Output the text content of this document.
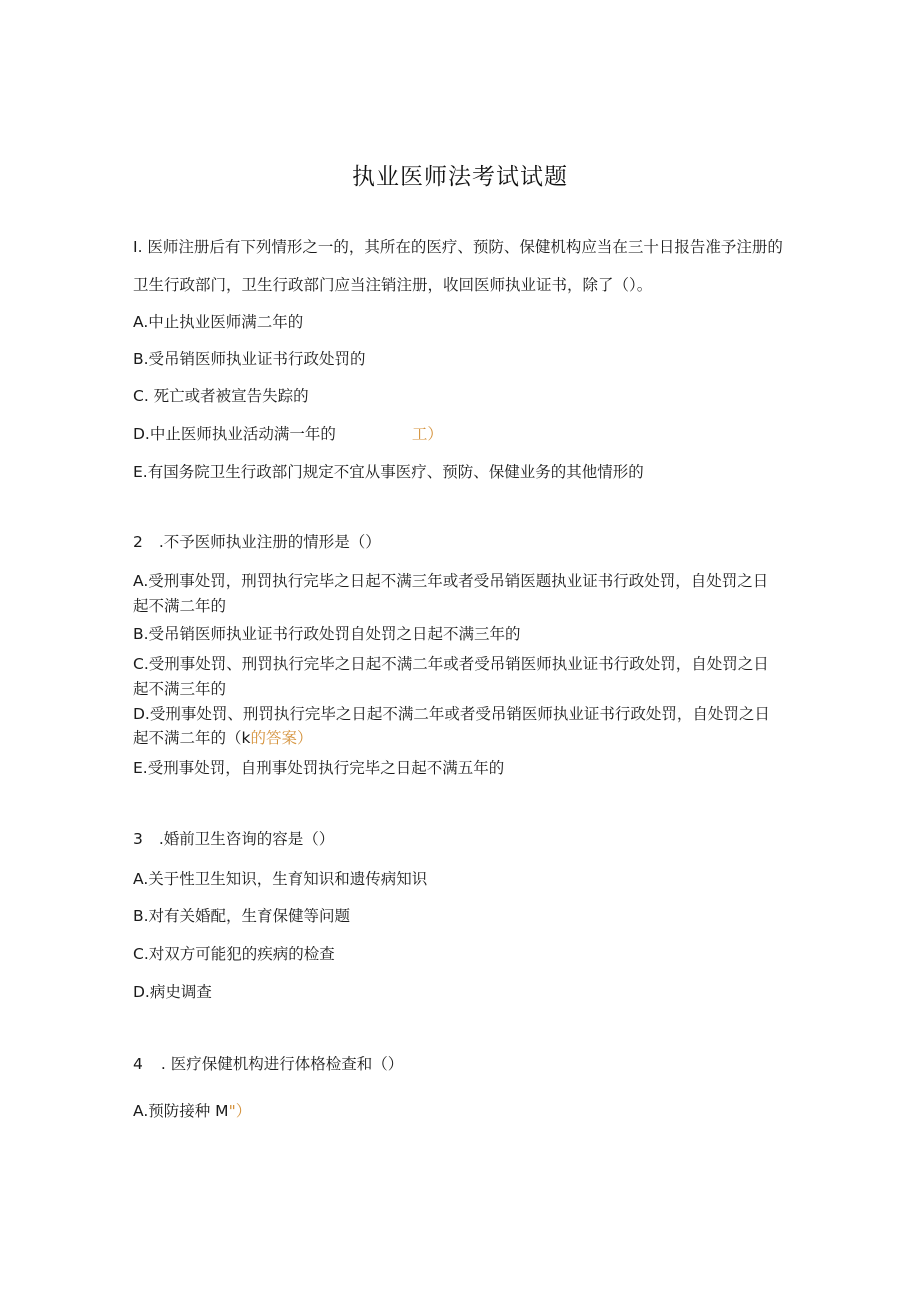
执业医师法考试试题
I. 医师注册后有下列情形之一的，其所在的医疗、预防、保健机构应当在三十日报告准予注册的卫生行政部门，卫生行政部门应当注销注册，收回医师执业证书，除了（）。
A.中止执业医师满二年的
B.受吊销医师执业证书行政处罚的
C. 死亡或者被宣告失踪的
D.中止医师执业活动满一年的	工）
E.有国务院卫生行政部门规定不宜从事医疗、预防、保健业务的其他情形的
2 .不予医师执业注册的情形是（）
A.受刑事处罚，刑罚执行完毕之日起不满三年或者受吊销医题执业证书行政处罚，自处罚之日起不满二年的
B.受吊销医师执业证书行政处罚自处罚之日起不满三年的
C.受刑事处罚、刑罚执行完毕之日起不满二年或者受吊销医师执业证书行政处罚，自处罚之日起不满三年的
D.受刑事处罚、刑罚执行完毕之日起不满二年或者受吊销医师执业证书行政处罚，自处罚之日起不满二年的（k的答案）
E.受刑事处罚，自刑事处罚执行完毕之日起不满五年的
3 .婚前卫生咨询的容是（）
A.关于性卫生知识，生育知识和遗传病知识
B.对有关婚配，生育保健等问题
C.对双方可能犯的疾病的检查
D.病史调查
4 . 医疗保健机构进行体格检查和（）
A.预防接种 M"）
